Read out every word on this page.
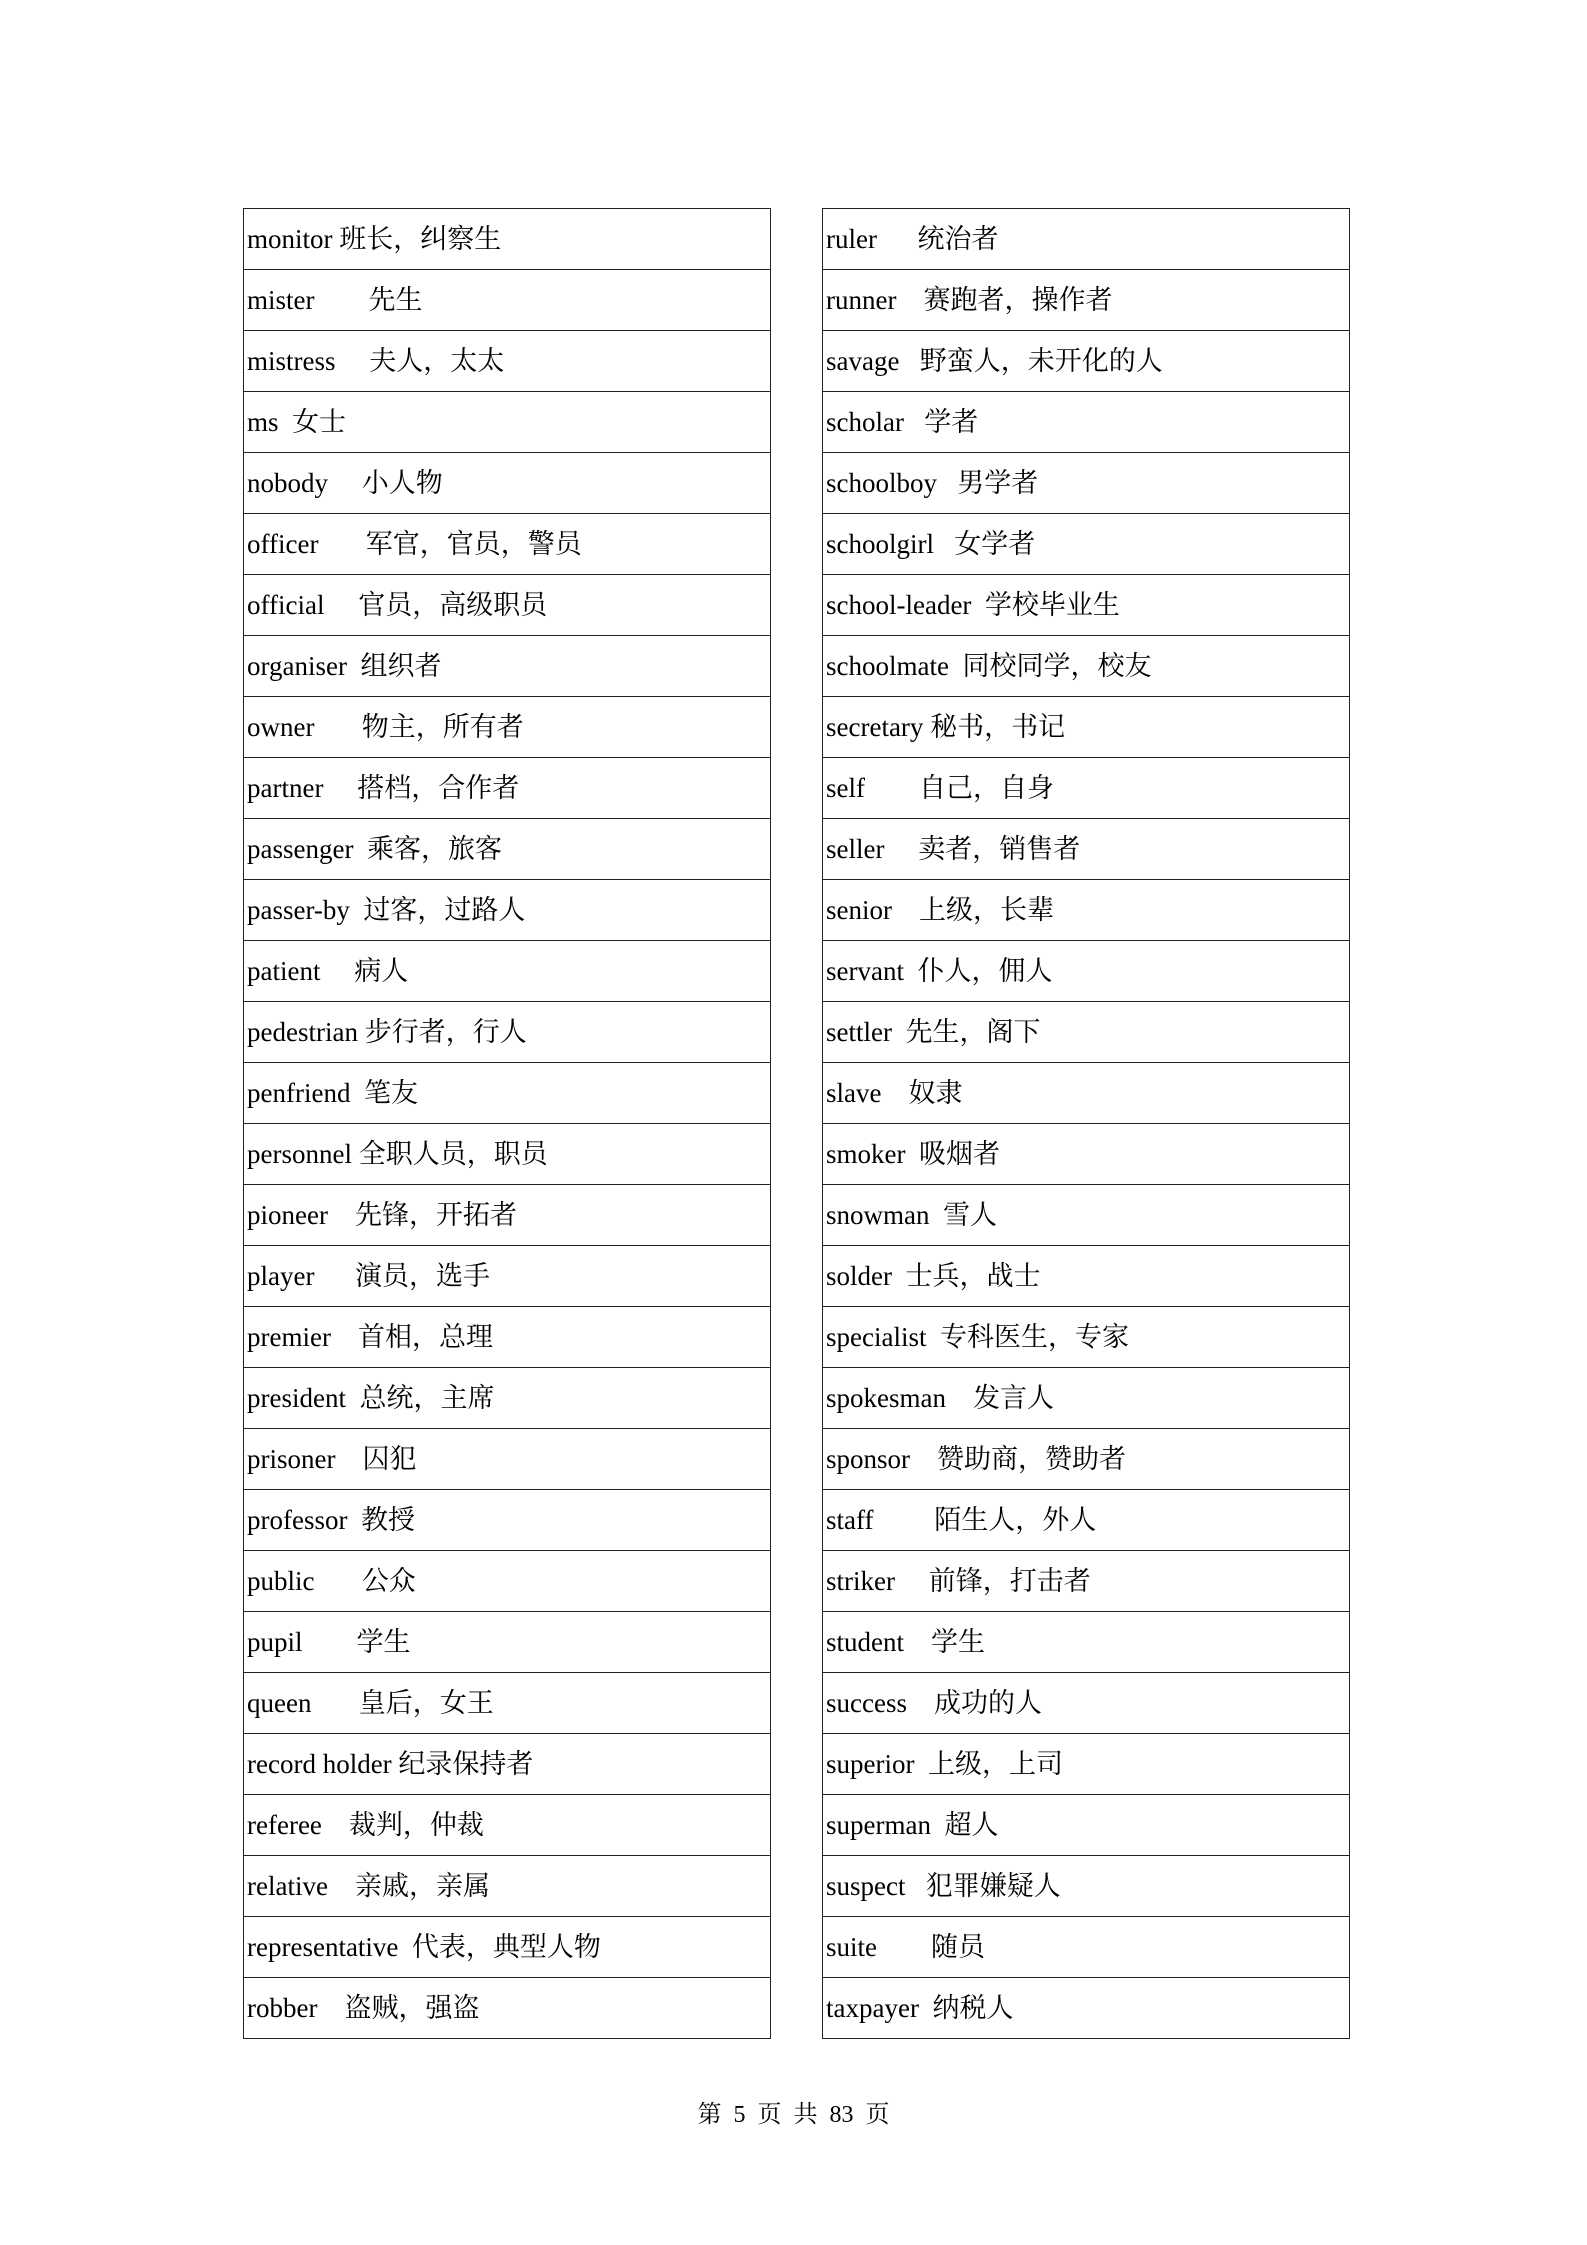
monitor 班长，纠察生
mister        先生
mistress     夫人，太太
ms  女士
nobody     小人物
officer       军官，官员，警员
official     官员，高级职员
organiser  组织者
owner       物主，所有者
partner     搭档，合作者
passenger  乘客，旅客
passer-by  过客，过路人
patient     病人
pedestrian 步行者，行人
penfriend  笔友
personnel 全职人员，职员
pioneer    先锋，开拓者
player      演员，选手
premier    首相，总理
president  总统，主席
prisoner    囚犯
professor  教授
public       公众
pupil        学生
queen       皇后，女王
record holder 纪录保持者
referee    裁判，仲裁
relative    亲戚，亲属
representative  代表，典型人物
robber    盗贼，强盗
ruler      统治者
runner    赛跑者，操作者
savage   野蛮人，未开化的人
scholar   学者
schoolboy   男学者
schoolgirl   女学者
school-leader  学校毕业生
schoolmate  同校同学，校友
secretary 秘书，书记
self        自己，自身
seller     卖者，销售者
senior    上级，长辈
servant  仆人，佣人
settler  先生，阁下
slave    奴隶
smoker  吸烟者
snowman  雪人
solder  士兵，战士
specialist  专科医生，专家
spokesman    发言人
sponsor    赞助商，赞助者
staff         陌生人，外人
striker     前锋，打击者
student    学生
success    成功的人
superior  上级，上司
superman  超人
suspect   犯罪嫌疑人
suite        随员
taxpayer  纳税人
第  5  页  共  83  页
